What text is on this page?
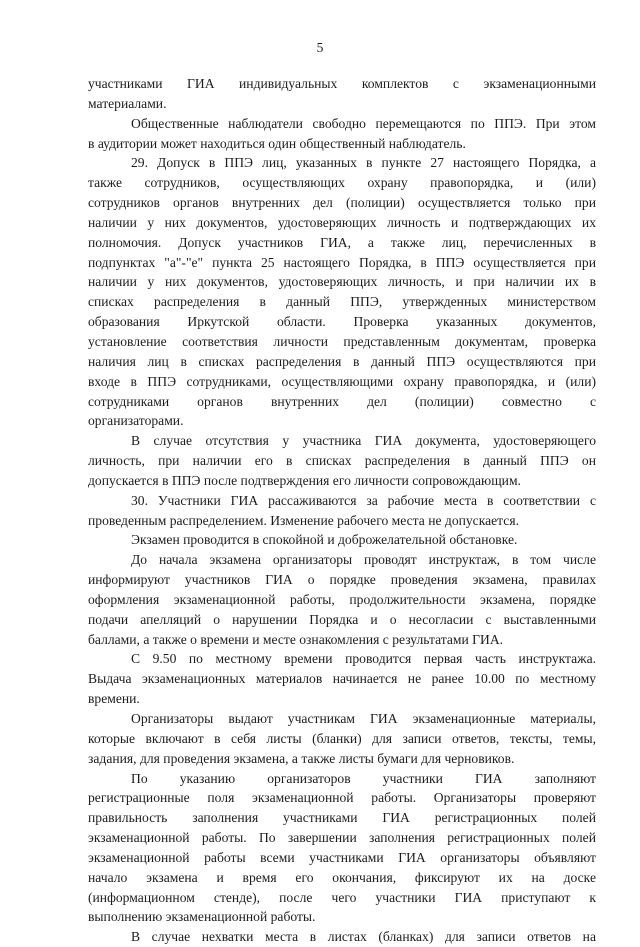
5
участниками ГИА индивидуальных комплектов с экзаменационными
материалами.
Общественные наблюдатели свободно перемещаются по ППЭ. При этом
в аудитории может находиться один общественный наблюдатель.
29. Допуск в ППЭ лиц, указанных в пункте 27 настоящего Порядка, а
также сотрудников, осуществляющих охрану правопорядка, и (или)
сотрудников органов внутренних дел (полиции) осуществляется только при
наличии у них документов, удостоверяющих личность и подтверждающих их
полномочия. Допуск участников ГИА, а также лиц, перечисленных в
подпунктах "а"-"е" пункта 25 настоящего Порядка, в ППЭ осуществляется при
наличии у них документов, удостоверяющих личность, и при наличии их в
списках распределения в данный ППЭ, утвержденных министерством
образования Иркутской области. Проверка указанных документов,
установление соответствия личности представленным документам, проверка
наличия лиц в списках распределения в данный ППЭ осуществляются при
входе в ППЭ сотрудниками, осуществляющими охрану правопорядка, и (или)
сотрудниками органов внутренних дел (полиции) совместно с
организаторами.
В случае отсутствия у участника ГИА документа, удостоверяющего
личность, при наличии его в списках распределения в данный ППЭ он
допускается в ППЭ после подтверждения его личности сопровождающим.
30. Участники ГИА рассаживаются за рабочие места в соответствии с
проведенным распределением. Изменение рабочего места не допускается.
Экзамен проводится в спокойной и доброжелательной обстановке.
До начала экзамена организаторы проводят инструктаж, в том числе
информируют участников ГИА о порядке проведения экзамена, правилах
оформления экзаменационной работы, продолжительности экзамена, порядке
подачи апелляций о нарушении Порядка и о несогласии с выставленными
баллами, а также о времени и месте ознакомления с результатами ГИА.
С 9.50 по местному времени проводится первая часть инструктажа.
Выдача экзаменационных материалов начинается не ранее 10.00 по местному
времени.
Организаторы выдают участникам ГИА экзаменационные материалы,
которые включают в себя листы (бланки) для записи ответов, тексты, темы,
задания, для проведения экзамена, а также листы бумаги для черновиков.
По указанию организаторов участники ГИА заполняют
регистрационные поля экзаменационной работы. Организаторы проверяют
правильность заполнения участниками ГИА регистрационных полей
экзаменационной работы. По завершении заполнения регистрационных полей
экзаменационной работы всеми участниками ГИА организаторы объявляют
начало экзамена и время его окончания, фиксируют их на доске
(информационном стенде), после чего участники ГИА приступают к
выполнению экзаменационной работы.
В случае нехватки места в листах (бланках) для записи ответов на
